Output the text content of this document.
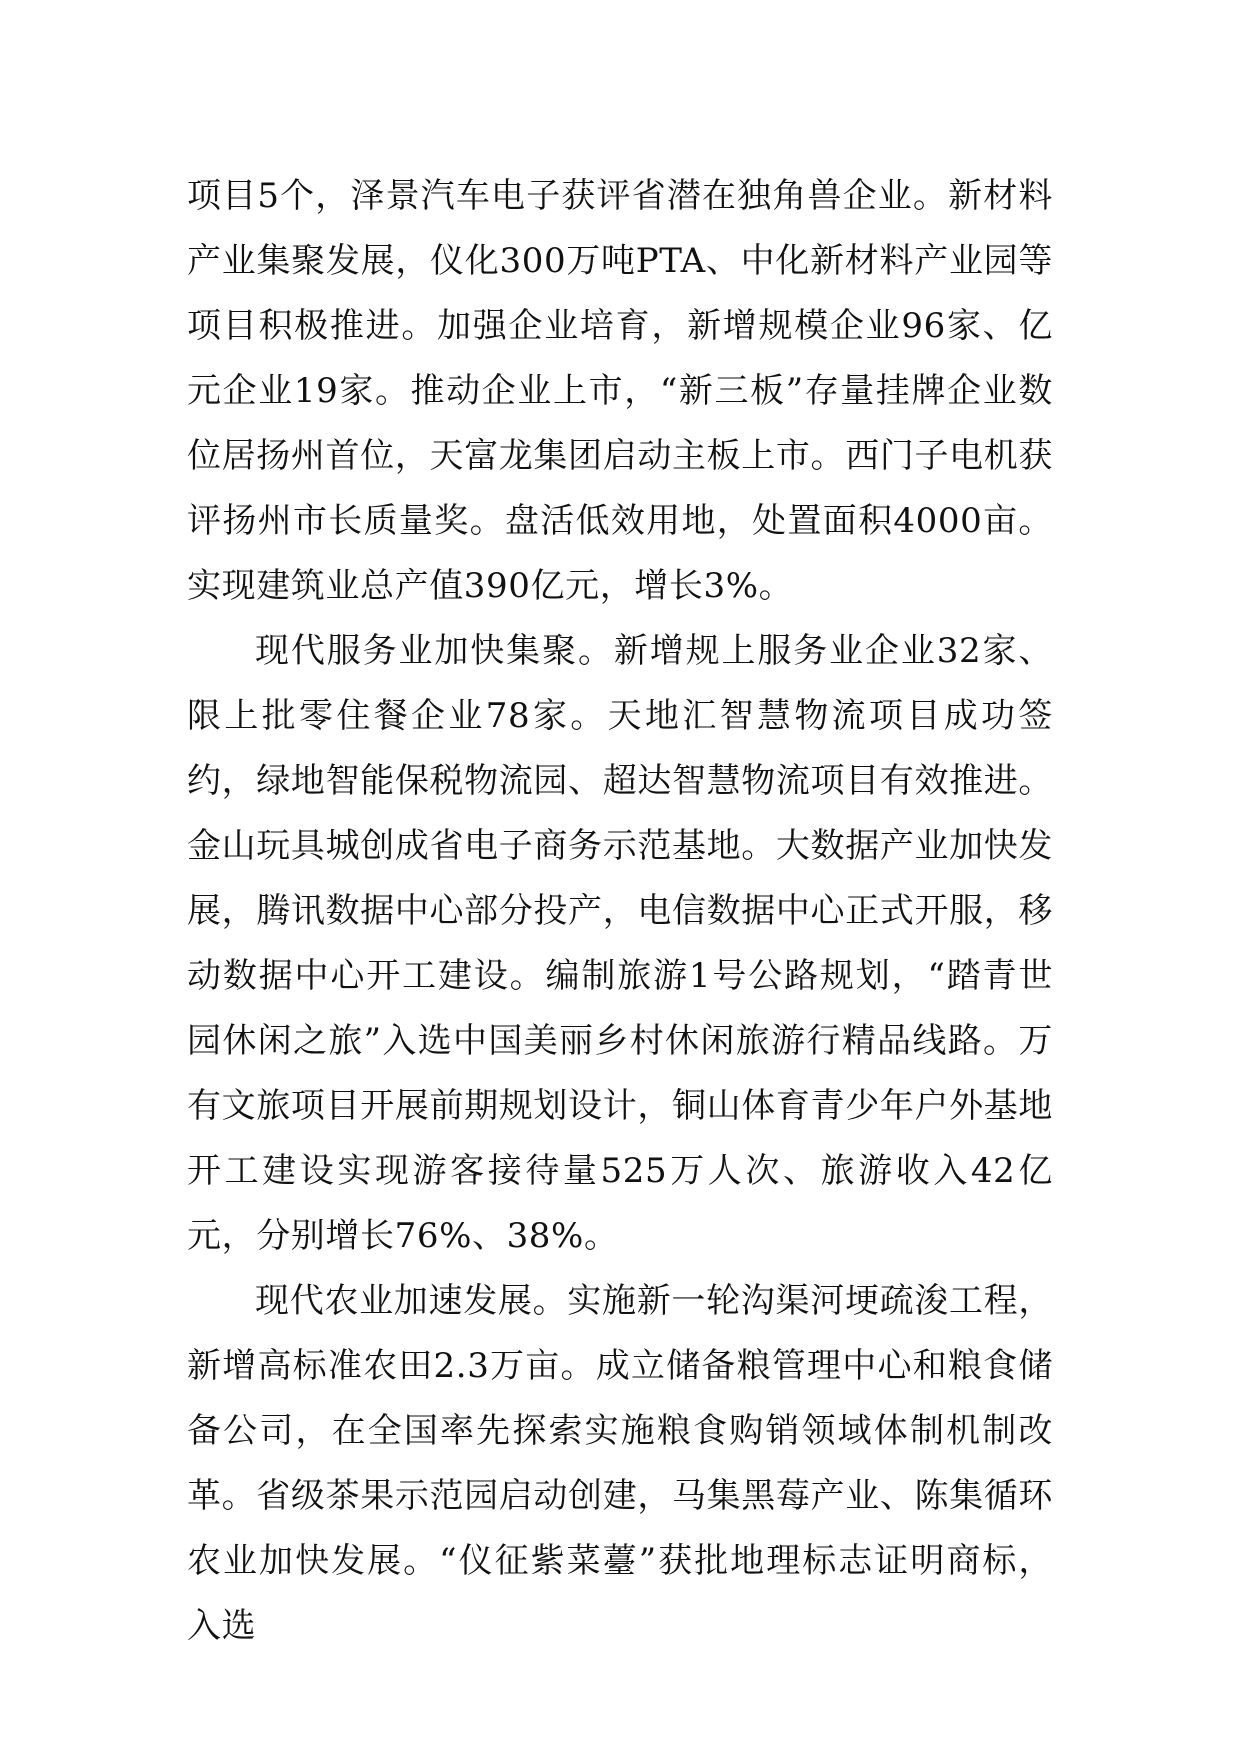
项目5个，泽景汽车电子获评省潜在独角兽企业。新材料产业集聚发展，仪化300万吨PTA、中化新材料产业园等项目积极推进。加强企业培育，新增规模企业96家、亿元企业19家。推动企业上市，“新三板”存量挂牌企业数位居扬州首位，天富龙集团启动主板上市。西门子电机获评扬州市长质量奖。盘活低效用地，处置面积4000亩。实现建筑业总产值390亿元，增长3%。

现代服务业加快集聚。新增规上服务业企业32家、限上批零住餐企业78家。天地汇智慧物流项目成功签约，绿地智能保税物流园、超达智慧物流项目有效推进。金山玩具城创成省电子商务示范基地。大数据产业加快发展，腾讯数据中心部分投产，电信数据中心正式开服，移动数据中心开工建设。编制旅游1号公路规划，“踏青世园休闲之旅”入选中国美丽乡村休闲旅游行精品线路。万有文旅项目开展前期规划设计，铜山体育青少年户外基地开工建设实现游客接待量525万人次、旅游收入42亿元，分别增长76%、38%。

现代农业加速发展。实施新一轮沟渠河埂疏浚工程，新增高标准农田2.3万亩。成立储备粮管理中心和粮食储备公司，在全国率先探索实施粮食购销领域体制机制改革。省级茶果示范园启动创建，马集黑莓产业、陈集循环农业加快发展。“仪征紫菜薹”获批地理标志证明商标，入选
